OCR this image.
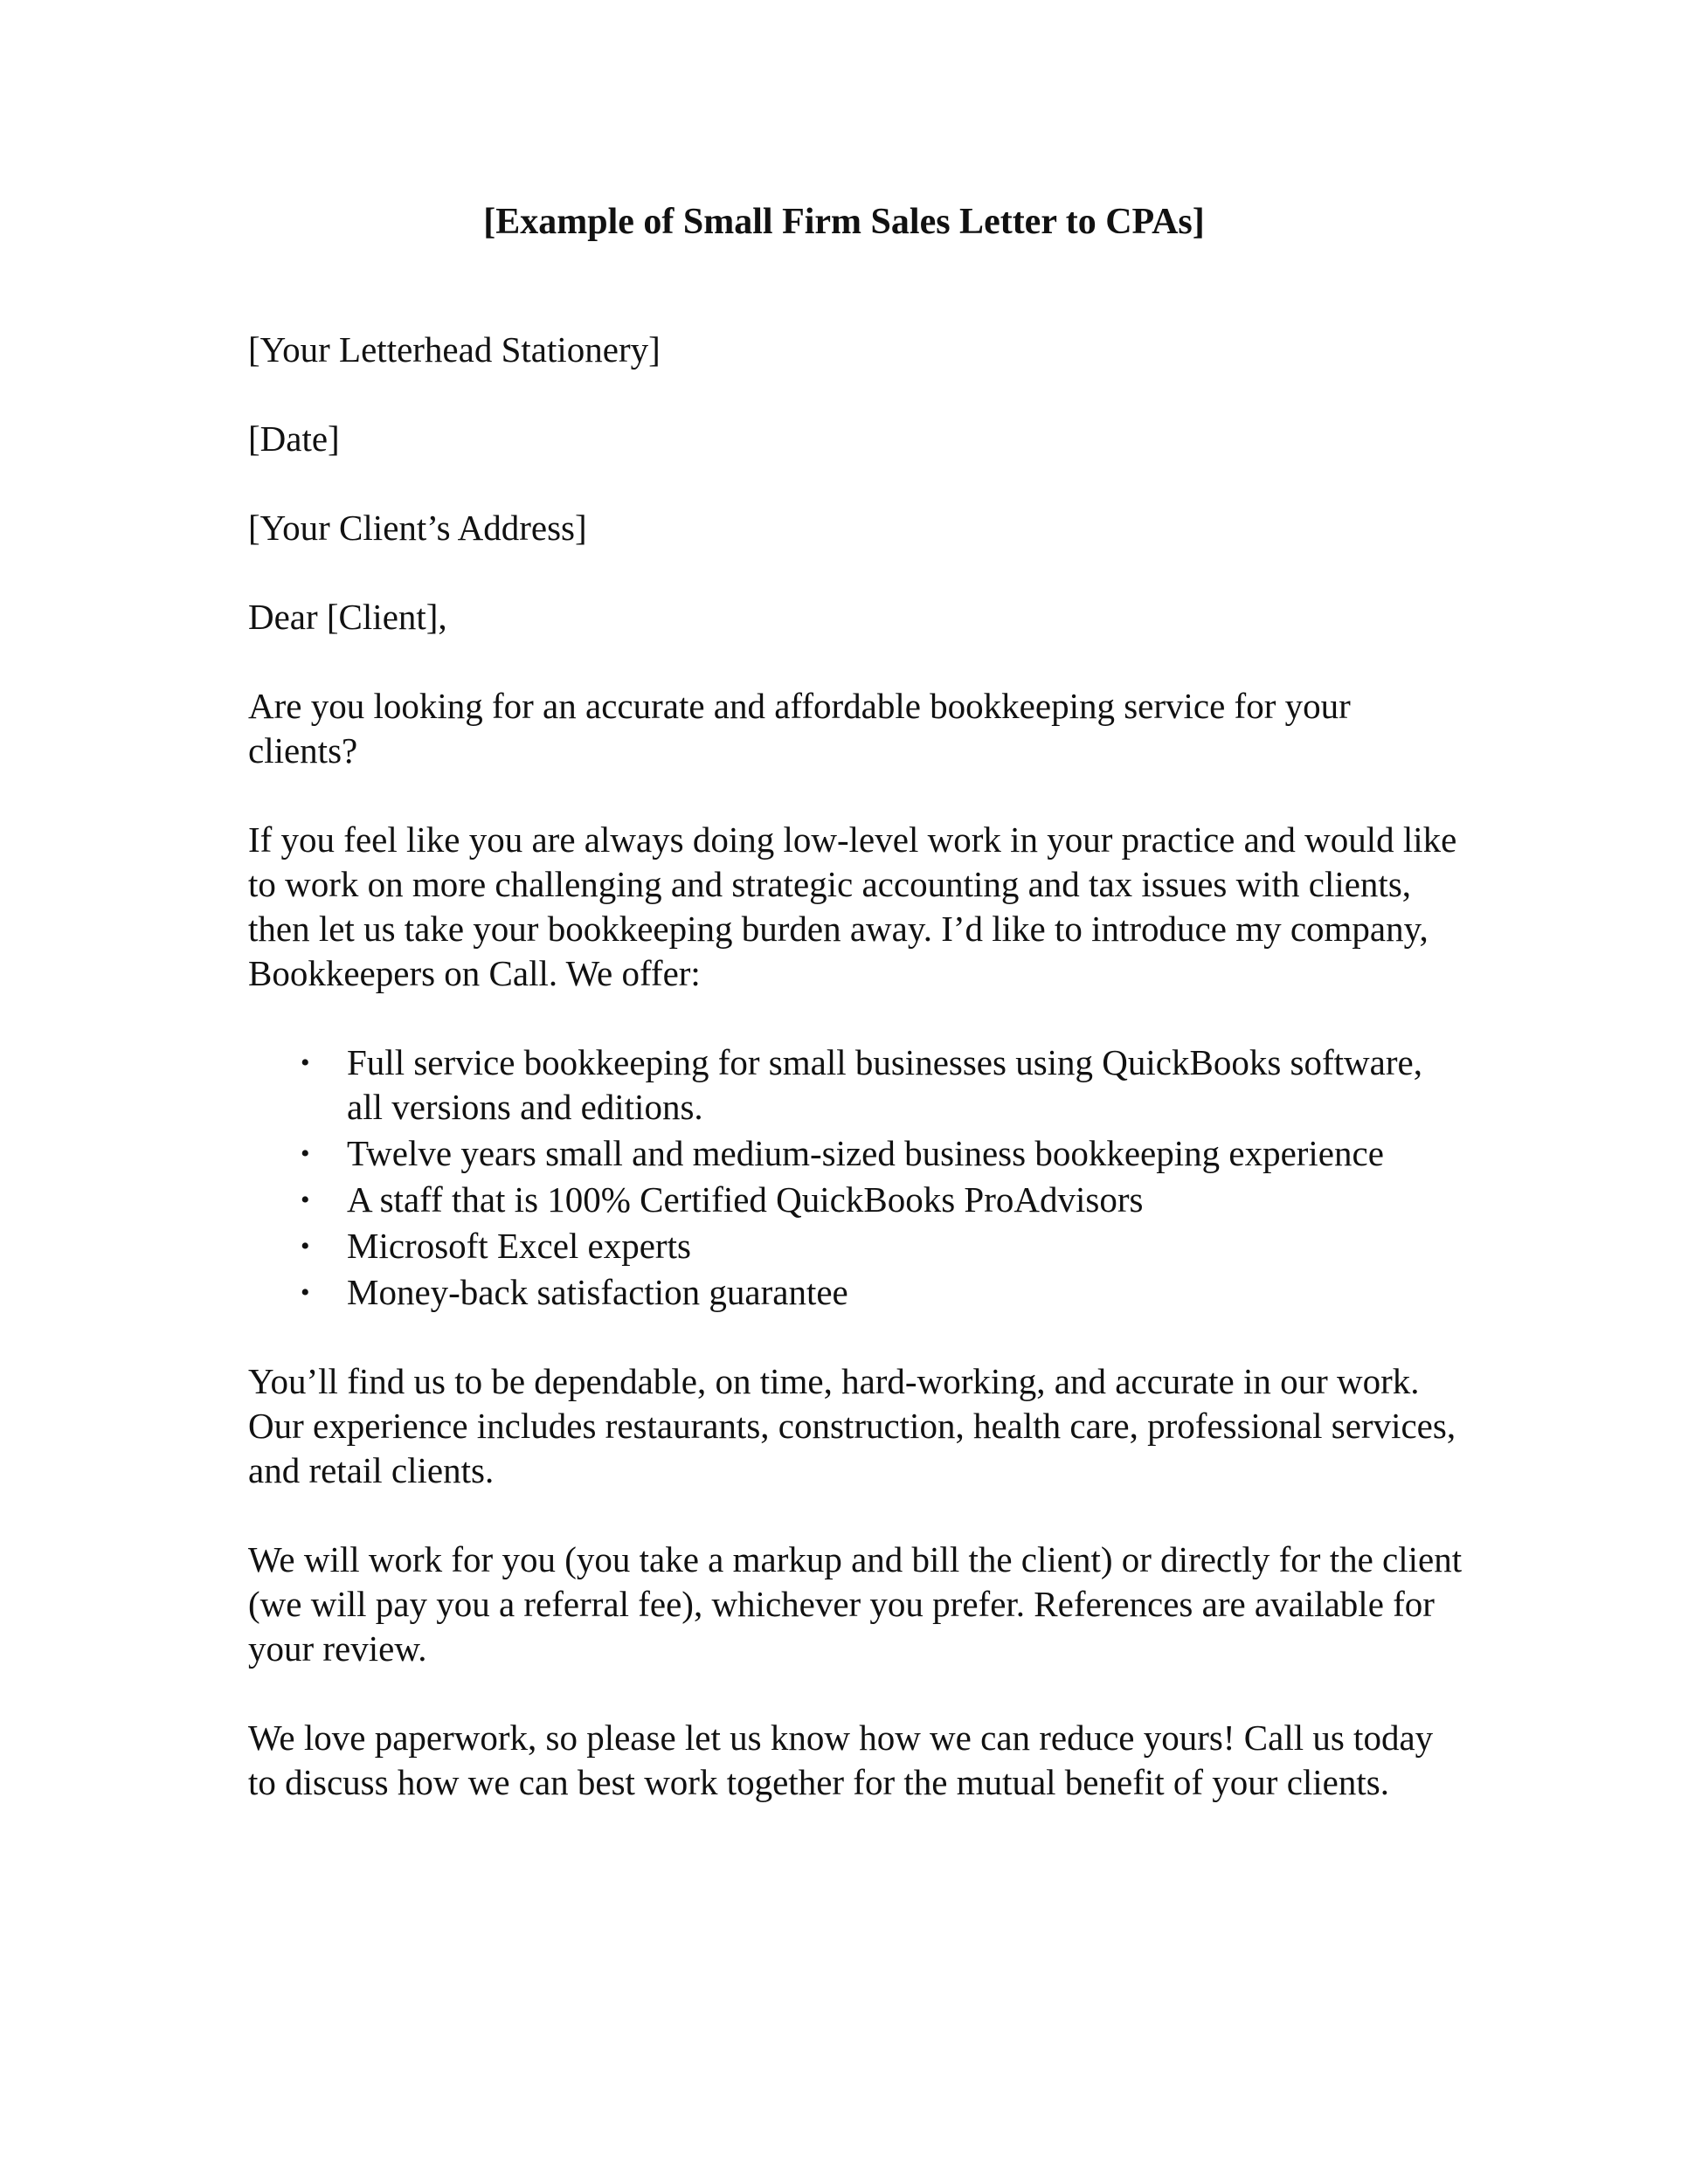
[Example of Small Firm Sales Letter to CPAs]

[Your Letterhead Stationery]

[Date]

[Your Client’s Address]

Dear [Client],

Are you looking for an accurate and affordable bookkeeping service for your clients?

If you feel like you are always doing low-level work in your practice and would like to work on more challenging and strategic accounting and tax issues with clients, then let us take your bookkeeping burden away. I’d like to introduce my company, Bookkeepers on Call. We offer:

• Full service bookkeeping for small businesses using QuickBooks software, all versions and editions.
• Twelve years small and medium-sized business bookkeeping experience
• A staff that is 100% Certified QuickBooks ProAdvisors
• Microsoft Excel experts
• Money-back satisfaction guarantee

You’ll find us to be dependable, on time, hard-working, and accurate in our work. Our experience includes restaurants, construction, health care, professional services, and retail clients.

We will work for you (you take a markup and bill the client) or directly for the client (we will pay you a referral fee), whichever you prefer. References are available for your review.

We love paperwork, so please let us know how we can reduce yours! Call us today to discuss how we can best work together for the mutual benefit of your clients.
